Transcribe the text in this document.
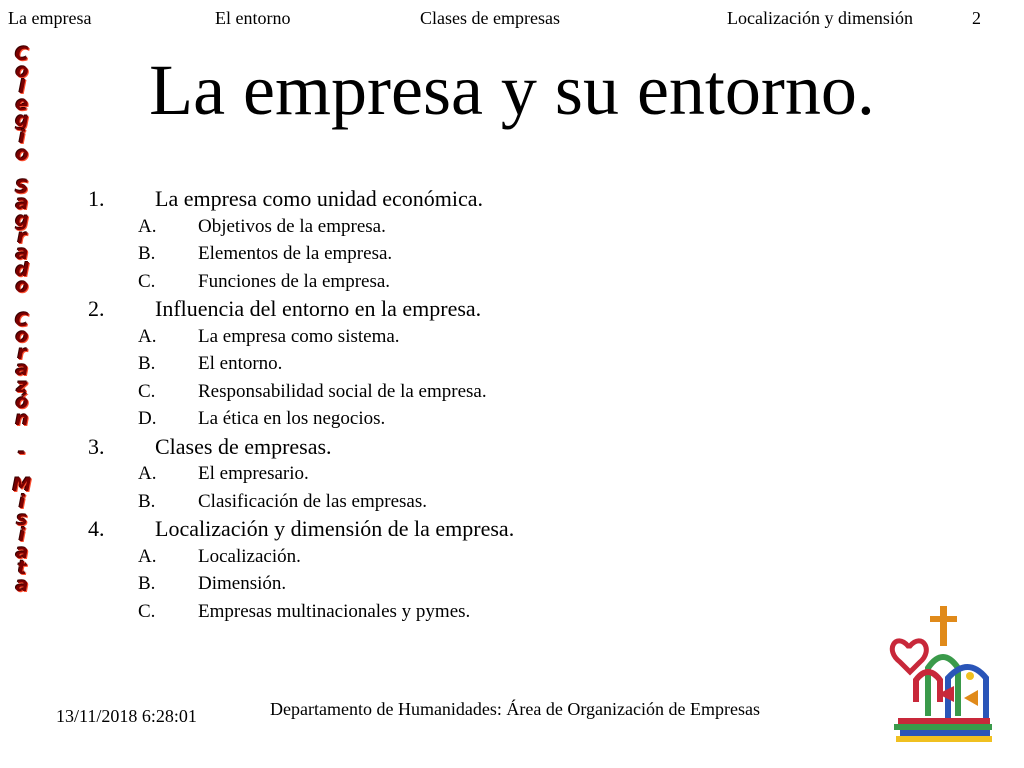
La empresa	El entorno	Clases de empresas	Localización y dimensión	2
La empresa y su entorno.
C
o
l
e
g
i
o
S
a
g
r
a
d
o
C
o
r
a
z
ó
n
-
M
i
s
i
a
t
a
1. La empresa como unidad económica.
A. Objetivos de la empresa.
B. Elementos de la empresa.
C. Funciones de la empresa.
2. Influencia del entorno en la empresa.
A. La empresa como sistema.
B. El entorno.
C. Responsabilidad social de la empresa.
D. La ética en los negocios.
3. Clases de empresas.
A. El empresario.
B. Clasificación de las empresas.
4. Localización y dimensión de la empresa.
A. Localización.
B. Dimensión.
C. Empresas multinacionales y pymes.
13/11/2018 6:28:01	Departamento de Humanidades: Área de Organización de Empresas
